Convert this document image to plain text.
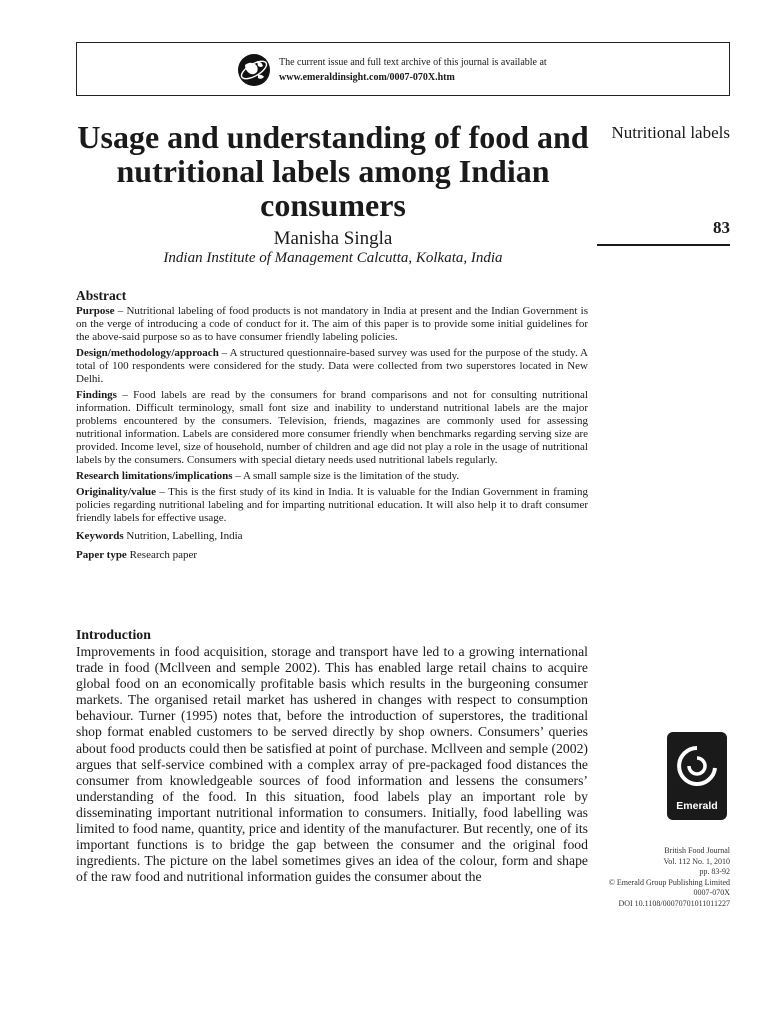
The current issue and full text archive of this journal is available at
www.emeraldinsight.com/0007-070X.htm
Usage and understanding of food and nutritional labels among Indian consumers
Manisha Singla
Indian Institute of Management Calcutta, Kolkata, India
Nutritional labels
83
Abstract

Purpose – Nutritional labeling of food products is not mandatory in India at present and the Indian Government is on the verge of introducing a code of conduct for it. The aim of this paper is to provide some initial guidelines for the above-said purpose so as to have consumer friendly labeling policies.

Design/methodology/approach – A structured questionnaire-based survey was used for the purpose of the study. A total of 100 respondents were considered for the study. Data were collected from two superstores located in New Delhi.

Findings – Food labels are read by the consumers for brand comparisons and not for consulting nutritional information. Difficult terminology, small font size and inability to understand nutritional labels are the major problems encountered by the consumers. Television, friends, magazines are commonly used for assessing nutritional information. Labels are considered more consumer friendly when benchmarks regarding serving size are provided. Income level, size of household, number of children and age did not play a role in the usage of nutritional labels by the consumers. Consumers with special dietary needs used nutritional labels regularly.

Research limitations/implications – A small sample size is the limitation of the study.

Originality/value – This is the first study of its kind in India. It is valuable for the Indian Government in framing policies regarding nutritional labeling and for imparting nutritional education. It will also help it to draft consumer friendly labels for effective usage.

Keywords Nutrition, Labelling, India

Paper type Research paper

Introduction

Improvements in food acquisition, storage and transport have led to a growing international trade in food (Mcllveen and semple 2002). This has enabled large retail chains to acquire global food on an economically profitable basis which results in the burgeoning consumer markets. The organised retail market has ushered in changes with respect to consumption behaviour. Turner (1995) notes that, before the introduction of superstores, the traditional shop format enabled customers to be served directly by shop owners. Consumers’ queries about food products could then be satisfied at point of purchase. Mcllveen and semple (2002) argues that self-service combined with a complex array of pre-packaged food distances the consumer from knowledgeable sources of food information and lessens the consumers’ understanding of the food. In this situation, food labels play an important role by disseminating important nutritional information to consumers. Initially, food labelling was limited to food name, quantity, price and identity of the manufacturer. But recently, one of its important functions is to bridge the gap between the consumer and the original food ingredients. The picture on the label sometimes gives an idea of the colour, form and shape of the raw food and nutritional information guides the consumer about the

Emerald
British Food Journal
Vol. 112 No. 1, 2010
pp. 83-92
© Emerald Group Publishing Limited
0007-070X
DOI 10.1108/00070701011011227
